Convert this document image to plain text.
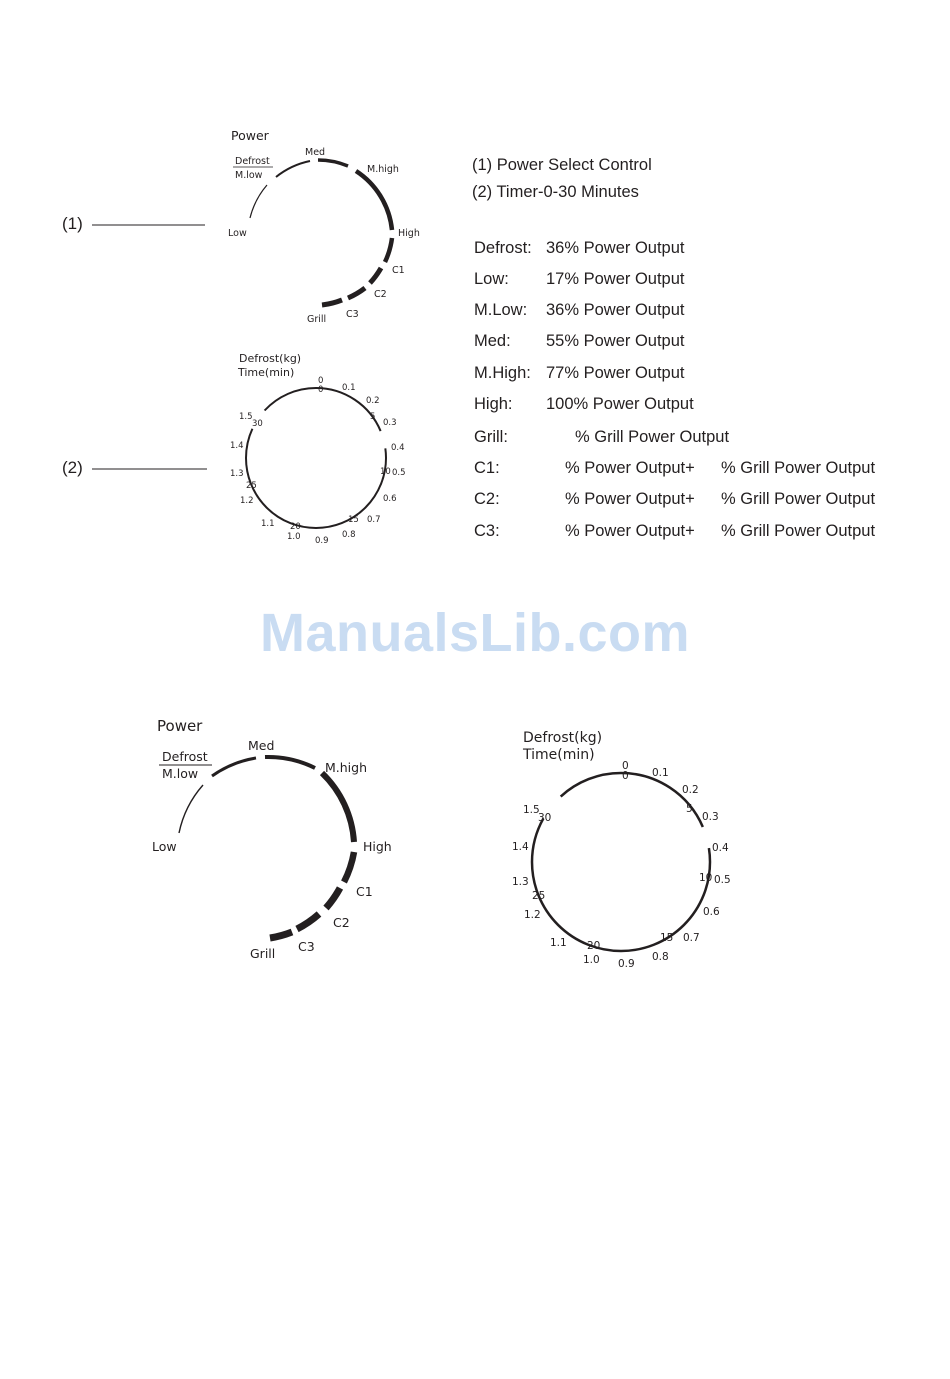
Power
Defrost
M.low
Low
Med
M.high
High
C1
C2
C3
Grill
Defrost(kg)
Time(min)
0
0 0.1
0.2
5
0.3
0.4
10 0.5
0.6
15 0.7
0.8
0.9
20
1.0
1.1
1.2
25
1.3
1.4
1.5
30
Power
Defrost
M.low
Low
Med
M.high
High
C1
C2
C3
Grill
Defrost(kg)
Time(min)
0
0 0.1
0.2
5
0.3
0.4
10 0.5
0.6
15 0.7
0.8
0.9
20
1.0
1.1
1.2
25
1.3
1.4
1.5
30
(1)
(2)
(1) Power Select Control
(2) Timer-0-30 Minutes
Defrost: 36% Power Output
Low: 17% Power Output
M.Low: 36% Power Output
Med: 55% Power Output
M.High: 77% Power Output
High: 100% Power Output
Grill:	% Grill Power Output
C1:	% Power Output+ % Grill Power Output
C2:	% Power Output+ % Grill Power Output
C3:	% Power Output+ % Grill Power Output
ManualsLib.com
